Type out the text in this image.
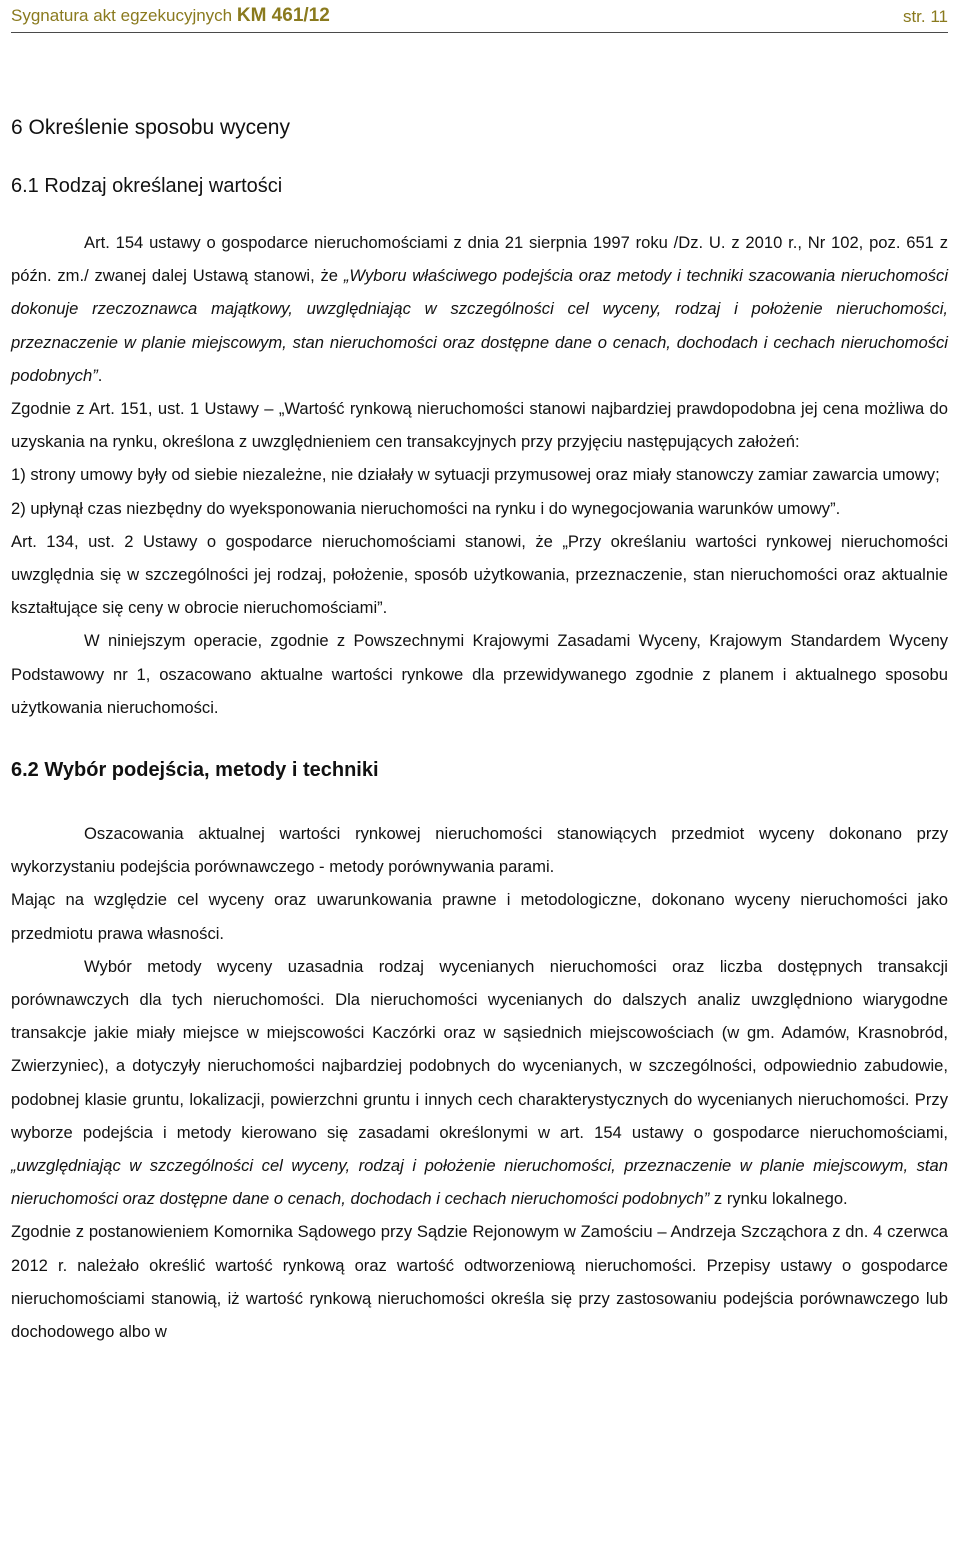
Sygnatura akt egzekucyjnych KM 461/12	str. 11
6 Określenie sposobu wyceny
6.1 Rodzaj określanej wartości

Art. 154 ustawy o gospodarce nieruchomościami z dnia 21 sierpnia 1997 roku /Dz. U. z 2010 r., Nr 102, poz. 651 z późn. zm./ zwanej dalej Ustawą stanowi, że „Wyboru właściwego podejścia oraz metody i techniki szacowania nieruchomości dokonuje rzeczoznawca majątkowy, uwzględniając w szczególności cel wyceny, rodzaj i położenie nieruchomości, przeznaczenie w planie miejscowym, stan nieruchomości oraz dostępne dane o cenach, dochodach i cechach nieruchomości podobnych”.

Zgodnie z Art. 151, ust. 1 Ustawy – „Wartość rynkową nieruchomości stanowi najbardziej prawdopodobna jej cena możliwa do uzyskania na rynku, określona z uwzględnieniem cen transakcyjnych przy przyjęciu następujących założeń:

1) strony umowy były od siebie niezależne, nie działały w sytuacji przymusowej oraz miały stanowczy zamiar zawarcia umowy;

2) upłynął czas niezbędny do wyeksponowania nieruchomości na rynku i do wynegocjowania warunków umowy”.

Art. 134, ust. 2 Ustawy o gospodarce nieruchomościami stanowi, że „Przy określaniu wartości rynkowej nieruchomości uwzględnia się w szczególności jej rodzaj, położenie, sposób użytkowania, przeznaczenie, stan nieruchomości oraz aktualnie kształtujące się ceny w obrocie nieruchomościami”.

W niniejszym operacie, zgodnie z Powszechnymi Krajowymi Zasadami Wyceny, Krajowym Standardem Wyceny Podstawowy nr 1, oszacowano aktualne wartości rynkowe dla przewidywanego zgodnie z planem i aktualnego sposobu użytkowania nieruchomości.

6.2 Wybór podejścia, metody i techniki

Oszacowania aktualnej wartości rynkowej nieruchomości stanowiących przedmiot wyceny dokonano przy wykorzystaniu podejścia porównawczego - metody porównywania parami.

Mając na względzie cel wyceny oraz uwarunkowania prawne i metodologiczne, dokonano wyceny nieruchomości jako przedmiotu prawa własności.

Wybór metody wyceny uzasadnia rodzaj wycenianych nieruchomości oraz liczba dostępnych transakcji porównawczych dla tych nieruchomości. Dla nieruchomości wycenianych do dalszych analiz uwzględniono wiarygodne transakcje jakie miały miejsce w miejscowości Kaczórki oraz w sąsiednich miejscowościach (w gm. Adamów, Krasnobród, Zwierzyniec), a dotyczyły nieruchomości najbardziej podobnych do wycenianych, w szczególności, odpowiednio zabudowie, podobnej klasie gruntu, lokalizacji, powierzchni gruntu i innych cech charakterystycznych do wycenianych nieruchomości. Przy wyborze podejścia i metody kierowano się zasadami określonymi w art. 154 ustawy o gospodarce nieruchomościami, „uwzględniając w szczególności cel wyceny, rodzaj i położenie nieruchomości, przeznaczenie w planie miejscowym, stan nieruchomości oraz dostępne dane o cenach, dochodach i cechach nieruchomości podobnych” z rynku lokalnego.

Zgodnie z postanowieniem Komornika Sądowego przy Sądzie Rejonowym w Zamościu – Andrzeja Szcząchora z dn. 4 czerwca 2012 r. należało określić wartość rynkową oraz wartość odtworzeniową nieruchomości. Przepisy ustawy o gospodarce nieruchomościami stanowią, iż wartość rynkową nieruchomości określa się przy zastosowaniu podejścia porównawczego lub dochodowego albo w
